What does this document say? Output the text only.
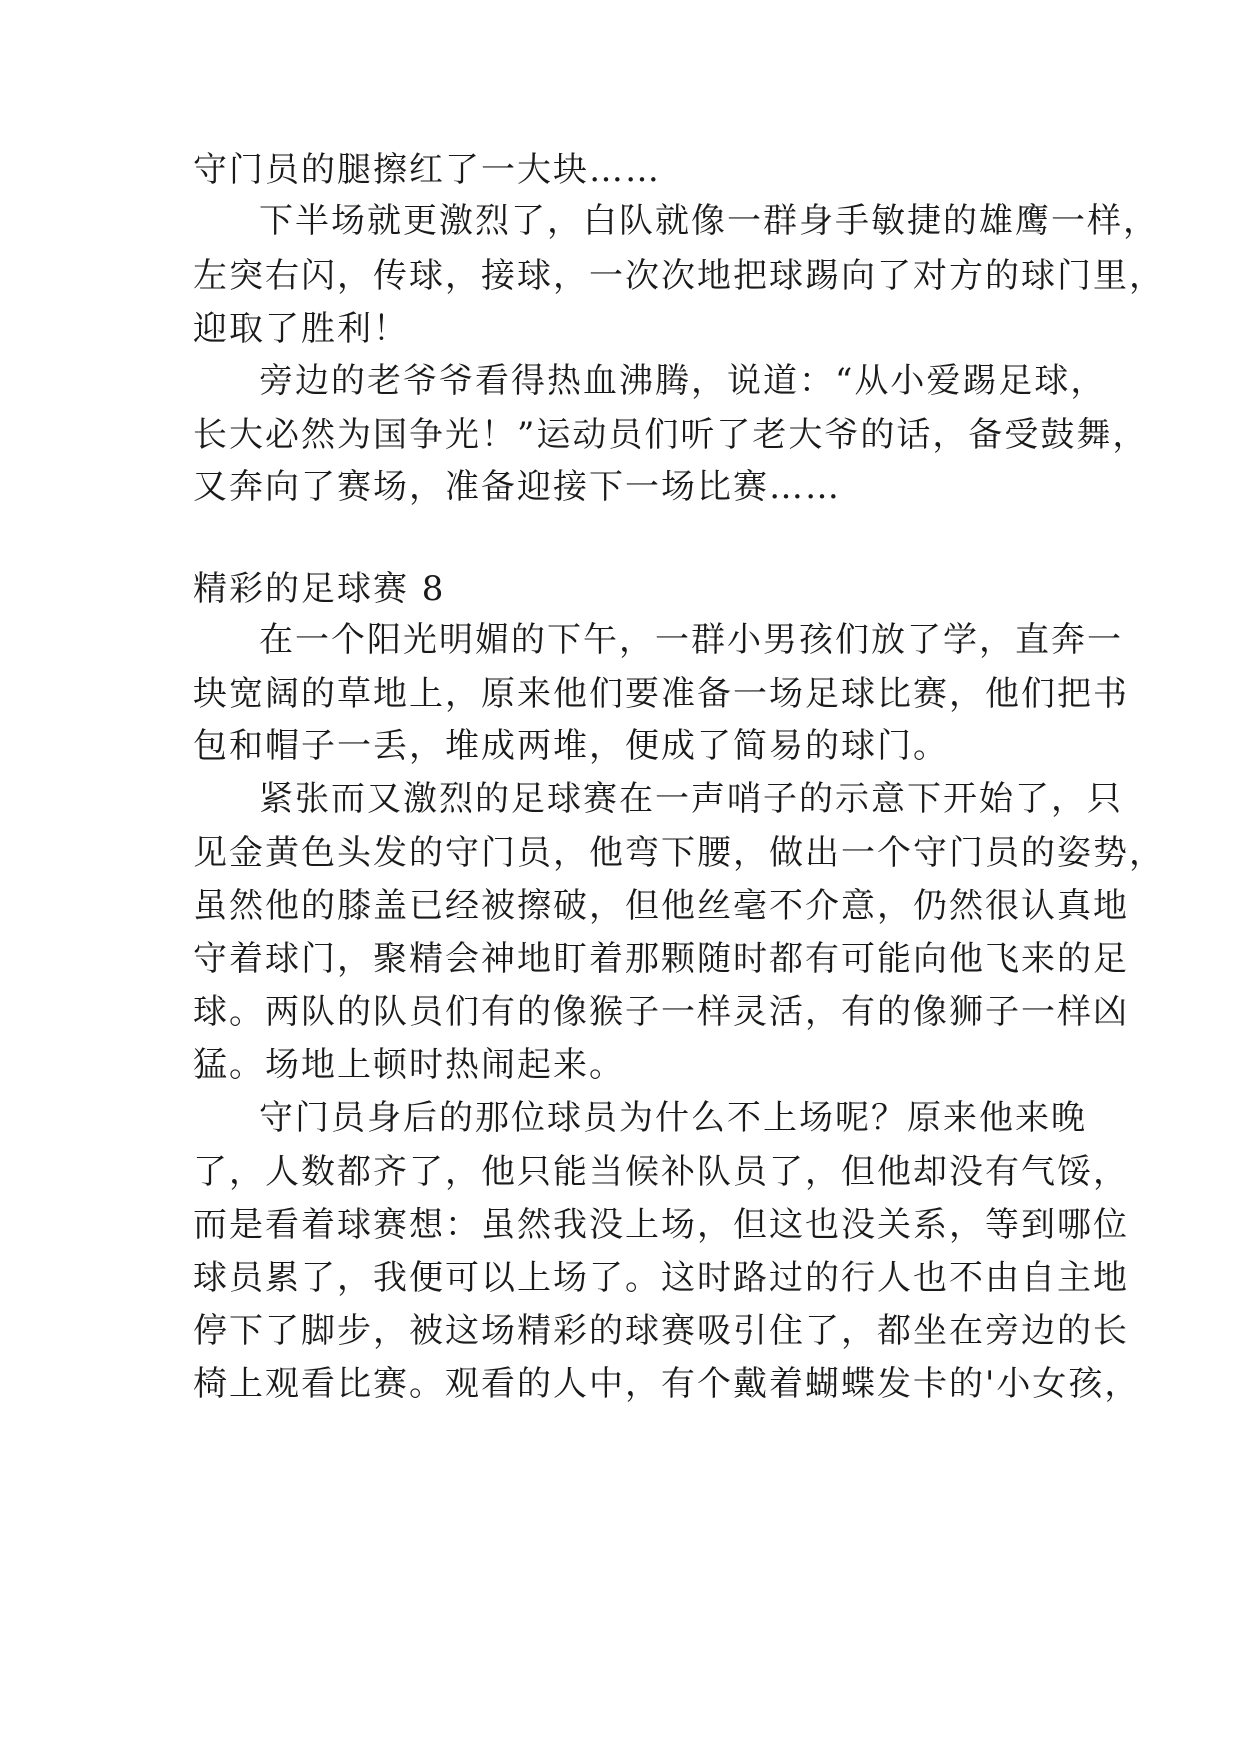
守门员的腿擦红了一大块……
下半场就更激烈了，白队就像一群身手敏捷的雄鹰一样，
左突右闪，传球，接球，一次次地把球踢向了对方的球门里，
迎取了胜利！
旁边的老爷爷看得热血沸腾，说道：“从小爱踢足球，
长大必然为国争光！”运动员们听了老大爷的话，备受鼓舞，
又奔向了赛场，准备迎接下一场比赛……
精彩的足球赛 8
在一个阳光明媚的下午，一群小男孩们放了学，直奔一
块宽阔的草地上，原来他们要准备一场足球比赛，他们把书
包和帽子一丢，堆成两堆，便成了简易的球门。
紧张而又激烈的足球赛在一声哨子的示意下开始了，只
见金黄色头发的守门员，他弯下腰，做出一个守门员的姿势，
虽然他的膝盖已经被擦破，但他丝毫不介意，仍然很认真地
守着球门，聚精会神地盯着那颗随时都有可能向他飞来的足
球。两队的队员们有的像猴子一样灵活，有的像狮子一样凶
猛。场地上顿时热闹起来。
守门员身后的那位球员为什么不上场呢？原来他来晚
了，人数都齐了，他只能当候补队员了，但他却没有气馁，
而是看着球赛想：虽然我没上场，但这也没关系，等到哪位
球员累了，我便可以上场了。这时路过的行人也不由自主地
停下了脚步，被这场精彩的球赛吸引住了，都坐在旁边的长
椅上观看比赛。观看的人中，有个戴着蝴蝶发卡的'小女孩，
